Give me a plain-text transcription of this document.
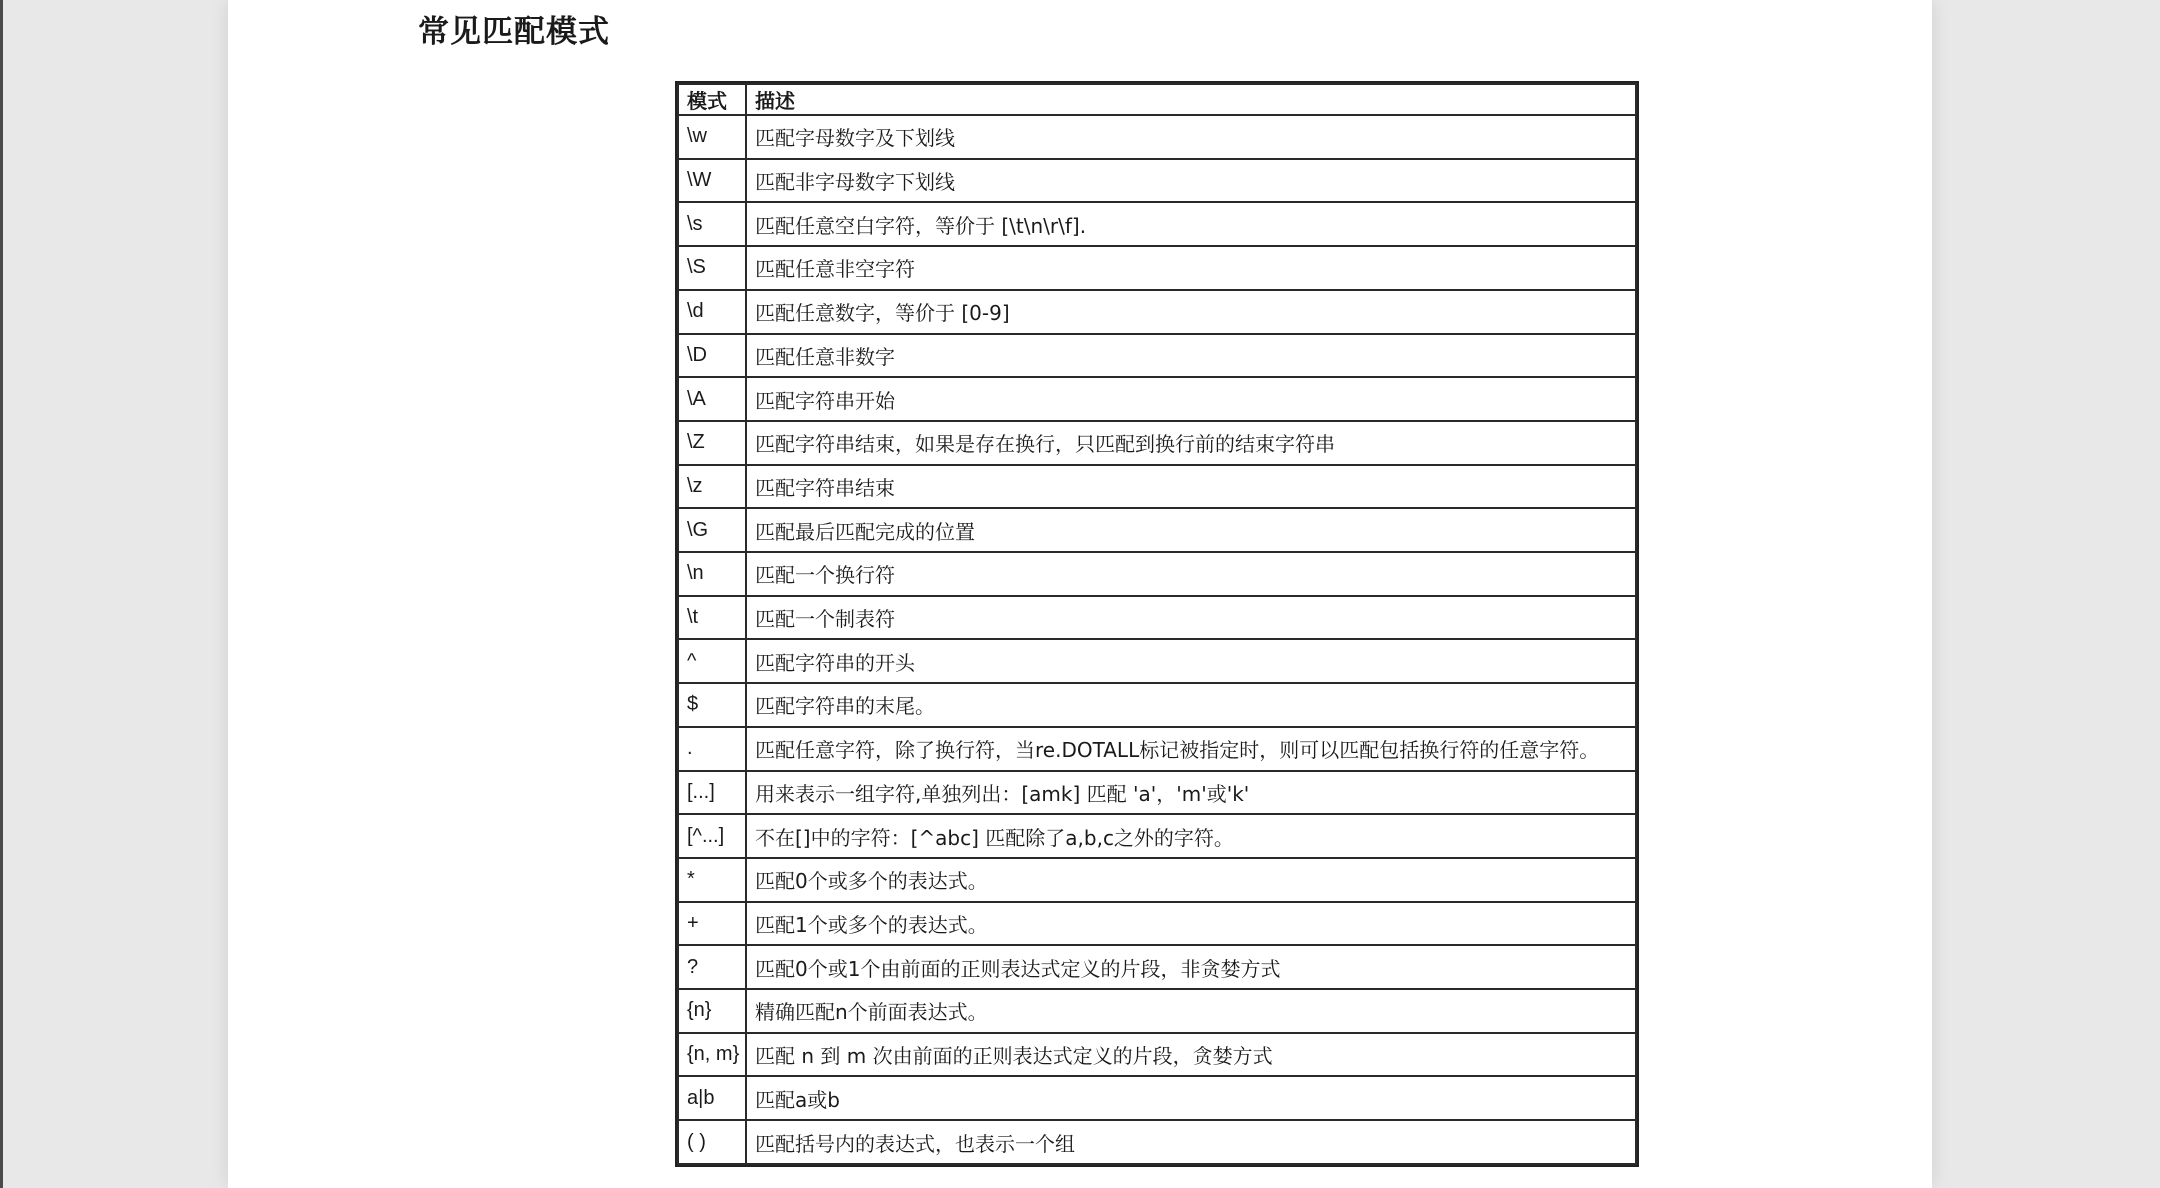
常见匹配模式
模式	描述
\w	匹配字母数字及下划线
\W	匹配非字母数字下划线
\s	匹配任意空白字符，等价于 [\t\n\r\f].
\S	匹配任意非空字符
\d	匹配任意数字，等价于 [0-9]
\D	匹配任意非数字
\A	匹配字符串开始
\Z	匹配字符串结束，如果是存在换行，只匹配到换行前的结束字符串
\z	匹配字符串结束
\G	匹配最后匹配完成的位置
\n	匹配一个换行符
\t	匹配一个制表符
^	匹配字符串的开头
$	匹配字符串的末尾。
.	匹配任意字符，除了换行符，当re.DOTALL标记被指定时，则可以匹配包括换行符的任意字符。
[...]	用来表示一组字符,单独列出：[amk] 匹配 'a'，'m'或'k'
[^...]	不在[]中的字符：[^abc] 匹配除了a,b,c之外的字符。
*	匹配0个或多个的表达式。
+	匹配1个或多个的表达式。
?	匹配0个或1个由前面的正则表达式定义的片段，非贪婪方式
{n}	精确匹配n个前面表达式。
{n, m}	匹配 n 到 m 次由前面的正则表达式定义的片段，贪婪方式
a|b	匹配a或b
( )	匹配括号内的表达式，也表示一个组
